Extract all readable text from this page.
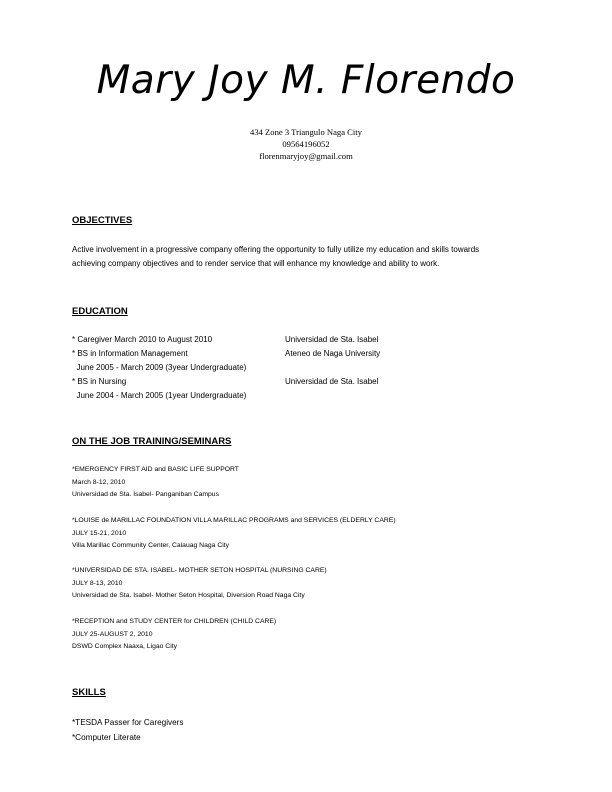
Mary Joy M. Florendo
434 Zone 3 Triangulo Naga City
09564196052
florenmaryjoy@gmail.com
OBJECTIVES
Active involvement in a progressive company offering the opportunity to fully utilize my education and skills towards
achieving company objectives and to render service that will enhance my knowledge and ability to work.
EDUCATION
* Caregiver March 2010 to August 2010	Universidad de Sta. Isabel
* BS in Information Management	Ateneo de Naga University
June 2005 - March 2009 (3year Undergraduate)
* BS in Nursing	Universidad de Sta. Isabel
June 2004 - March 2005 (1year Undergraduate)
ON THE JOB TRAINING/SEMINARS
*EMERGENCY FIRST AID and BASIC LIFE SUPPORT
March 8-12, 2010
Universidad de Sta. Isabel- Panganiban Campus
*LOUISE de MARILLAC FOUNDATION VILLA MARILLAC PROGRAMS and SERVICES (ELDERLY CARE)
JULY 15-21, 2010
Villa Marillac Community Center, Calauag Naga City
*UNIVERSIDAD DE STA. ISABEL- MOTHER SETON HOSPITAL (NURSING CARE)
JULY 8-13, 2010
Universidad de Sta. Isabel- Mother Seton Hospital, Diversion Road Naga City
*RECEPTION and STUDY CENTER for CHILDREN (CHILD CARE)
JULY 25-AUGUST 2, 2010
DSWD Complex Naaxa, Ligao City
SKILLS
*TESDA Passer for Caregivers
*Computer Literate
